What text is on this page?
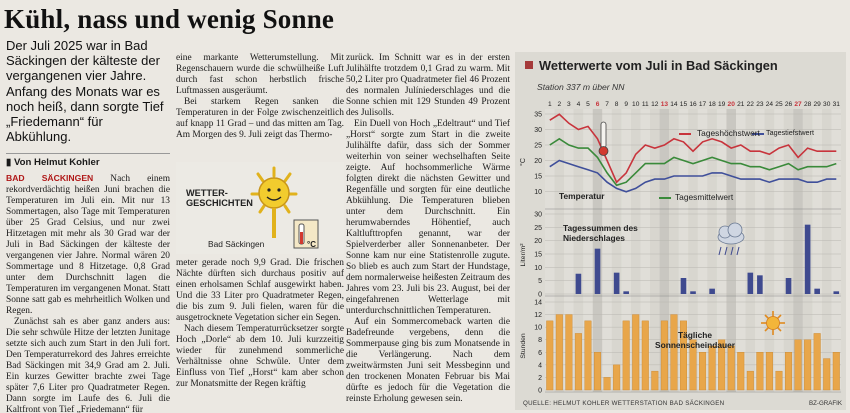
Kühl, nass und wenig Sonne
Der Juli 2025 war in Bad Säckingen der kälteste der vergangenen vier Jahre. Anfang des Monats war es noch heiß, dann sorgte Tief „Friedemann“ für Abkühlung.
▮ Von Helmut Kohler

BAD SÄCKINGEN Nach einem rekordverdächtig heißen Juni brachen die Temperaturen im Juli ein. Mit nur 13 Sommertagen, also Tage mit Temperaturen über 25 Grad Celsius, und nur zwei Hitzetagen mit mehr als 30 Grad war der Juli in Bad Säckingen der kälteste der vergangenen vier Jahre. Normal wären 20 Sommertage und 8 Hitzetage. 0,8 Grad unter dem Durchschnitt lagen die Temperaturen im vergangenen Monat. Statt Sonne satt gab es mehrheitlich Wolken und Regen.

Zunächst sah es aber ganz anders aus: Die sehr schwüle Hitze der letzten Junitage setzte sich auch zum Start in den Juli fort. Den Temperaturrekord des Jahres erreichte Bad Säckingen mit 34,9 Grad am 2. Juli. Ein kurzes Gewitter brachte zwei Tage später 7,6 Liter pro Quadratmeter Regen. Dann sorgte im Laufe des 6. Juli die Kaltfront von Tief „Friedemann“ für

eine markante Wetterumstellung. Mit Regenschauern wurde die schwülheiße Luft durch fast schon herbstlich frische Luftmassen ausgeräumt.

Bei starkem Regen sanken die Temperaturen in der Folge zwischenzeitlich auf knapp 11 Grad – und das mitten am Tag. Am Morgen des 9. Juli zeigt das Thermo-

WETTER-
GESCHICHTEN
Bad Säckingen	°C

meter gerade noch 9,9 Grad. Die frischen Nächte dürften sich durchaus positiv auf einen erholsamen Schlaf ausgewirkt haben. Und die 33 Liter pro Quadratmeter Regen, die bis zum 9. Juli fielen, waren für die ausgetrocknete Vegetation sicher ein Segen.

Nach diesem Temperaturrücksetzer sorgte Hoch „Dorle“ ab dem 10. Juli kurzzeitig wieder für zunehmend sommerliche Verhältnisse ohne Schwüle. Unter dem Einfluss von Tief „Horst“ kam aber schon zur Monatsmitte der Regen kräftig

zurück. Im Schnitt war es in der ersten Julihälfte trotzdem 0,1 Grad zu warm. Mit 50,2 Liter pro Quadratmeter fiel 46 Prozent des normalen Julíniederschlages und die Sonne schien mit 129 Stunden 49 Prozent des Julisolls.

Ein Duell von Hoch „Edeltraut“ und Tief „Horst“ sorgte zum Start in die zweite Julihälfte dafür, dass sich der Sommer weiterhin von seiner wechselhaften Seite zeigte. Auf hochsommerliche Wärme folgten direkt die nächsten Gewitter und Regenfälle und sorgten für eine deutliche Abkühlung. Die Temperaturen blieben unter dem Durchschnitt. Ein herumwaberndes Höhentief, auch Kaltlufttropfen genannt, war der Spielverderber aller Sonnenanbeter. Der Sonne kam nur eine Statistenrolle zugute. So blieb es auch zum Start der Hundstage, dem normalerweise heißesten Zeitraum des Jahres vom 23. Juli bis 23. August, bei der eingefahrenen Wetterlage mit unterdurchschnittlichen Temperaturen.

Auf ein Sommercomeback warten die Badefreunde vergebens, denn die Sommerpause ging bis zum Monatsende in die Verlängerung. Nach dem zweitwärmsten Juni seit Messbeginn und den trockenen Monaten Februar bis Mai dürfte es jedoch für die Vegetation die reinste Erholung gewesen sein.

Wetterwerte vom Juli in Bad Säckingen
Station 337 m über NN
1 2 3 4 5 6 7 8 9 10 11 12 13 14 15 16 17 18 19 20 21 22 23 24 25 26 27 28 29 30 31
10
15
20
25
30
35
°C
0
5
10
15
20
25
30
Liter/m²
0
2
4
6
8
10
12
14
Stunden
Temperatur
Tageshöchstwert Tagestiefstwert
Tagesmittelwert
Tagessummen des
Niederschlages
Tägliche
Sonnenscheindauer
QUELLE: HELMUT KOHLER WETTERSTATION BAD SÄCKINGEN	BZ-GRAFIK
